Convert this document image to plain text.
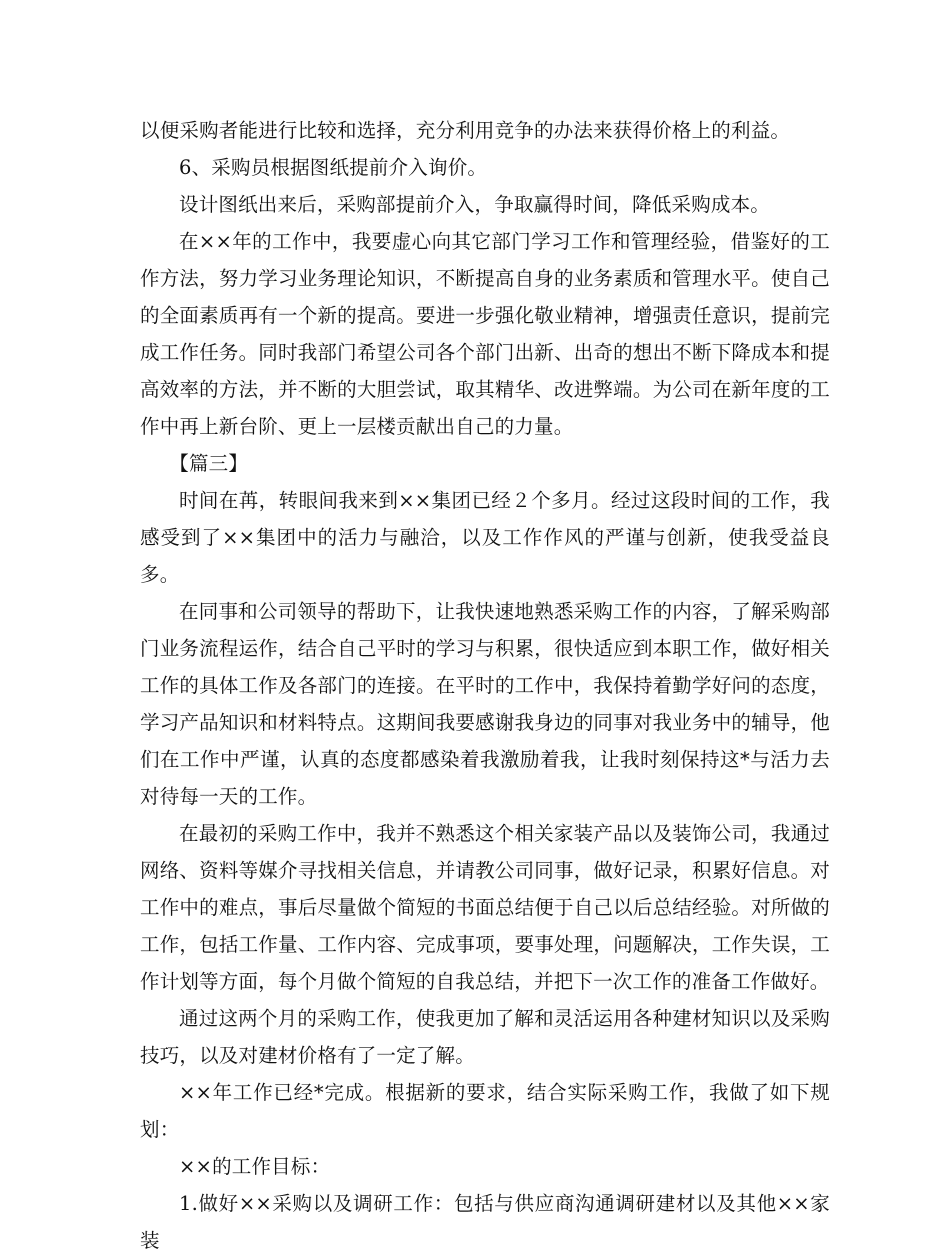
以便采购者能进行比较和选择，充分利用竞争的办法来获得价格上的利益。

6、采购员根据图纸提前介入询价。

设计图纸出来后，采购部提前介入，争取赢得时间，降低采购成本。

在××年的工作中，我要虚心向其它部门学习工作和管理经验，借鉴好的工作方法，努力学习业务理论知识，不断提高自身的业务素质和管理水平。使自己的全面素质再有一个新的提高。要进一步强化敬业精神，增强责任意识，提前完成工作任务。同时我部门希望公司各个部门出新、出奇的想出不断下降成本和提高效率的方法，并不断的大胆尝试，取其精华、改进弊端。为公司在新年度的工作中再上新台阶、更上一层楼贡献出自己的力量。

【篇三】

时间在苒，转眼间我来到××集团已经２个多月。经过这段时间的工作，我感受到了××集团中的活力与融洽，以及工作作风的严谨与创新，使我受益良多。

在同事和公司领导的帮助下，让我快速地熟悉采购工作的内容，了解采购部门业务流程运作，结合自己平时的学习与积累，很快适应到本职工作，做好相关工作的具体工作及各部门的连接。在平时的工作中，我保持着勤学好问的态度，学习产品知识和材料特点。这期间我要感谢我身边的同事对我业务中的辅导，他们在工作中严谨，认真的态度都感染着我激励着我，让我时刻保持这*与活力去对待每一天的工作。

在最初的采购工作中，我并不熟悉这个相关家装产品以及装饰公司，我通过网络、资料等媒介寻找相关信息，并请教公司同事，做好记录，积累好信息。对工作中的难点，事后尽量做个简短的书面总结便于自己以后总结经验。对所做的工作，包括工作量、工作内容、完成事项，要事处理，问题解决，工作失误，工作计划等方面，每个月做个简短的自我总结，并把下一次工作的准备工作做好。

通过这两个月的采购工作，使我更加了解和灵活运用各种建材知识以及采购技巧，以及对建材价格有了一定了解。

××年工作已经*完成。根据新的要求，结合实际采购工作，我做了如下规划：

××的工作目标：

1.做好××采购以及调研工作：包括与供应商沟通调研建材以及其他××家装
